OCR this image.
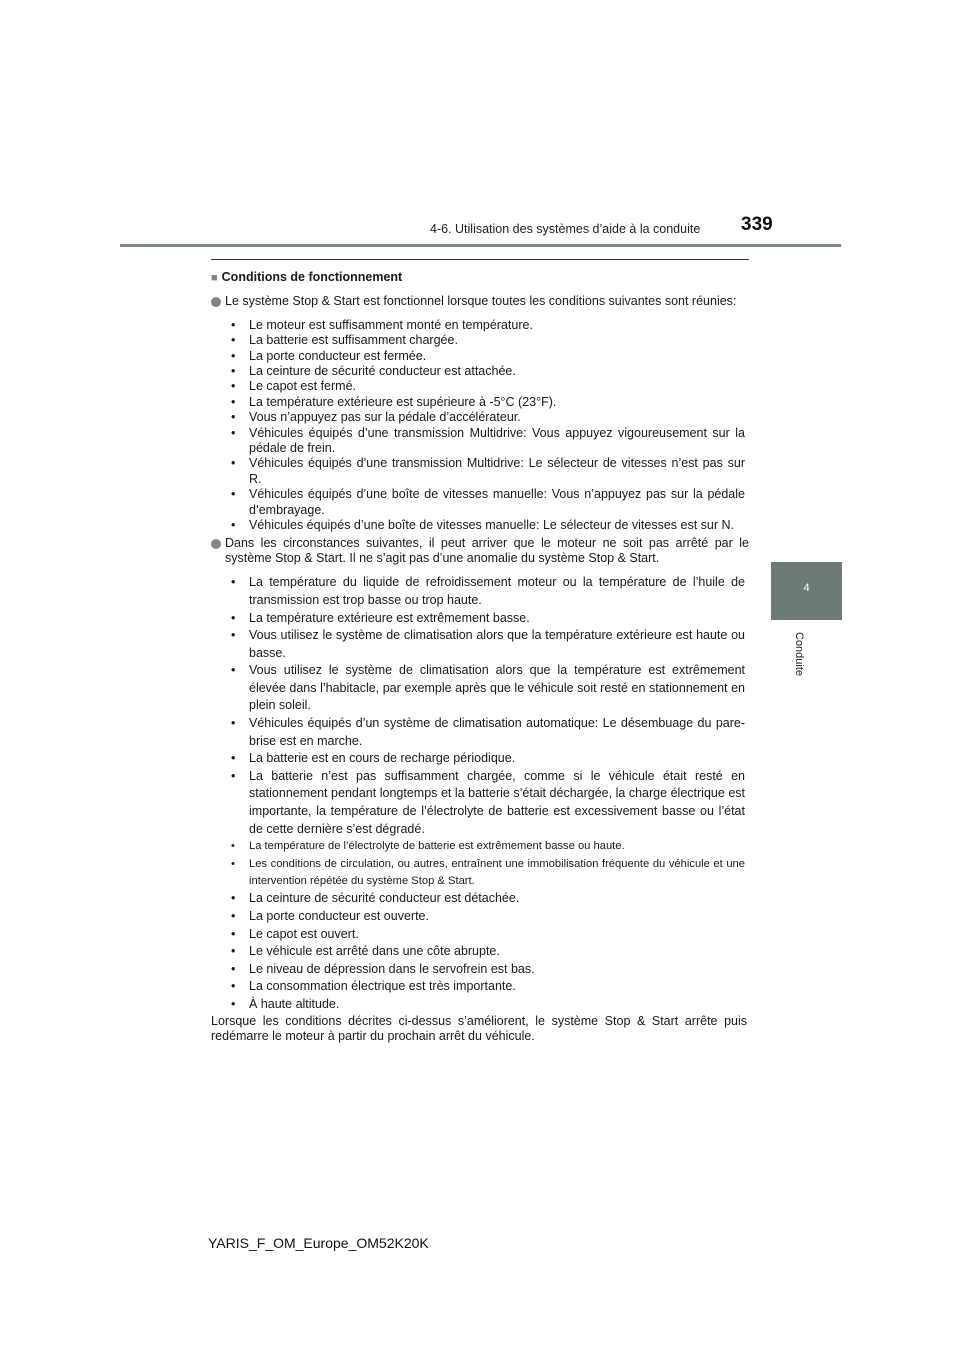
4-6. Utilisation des systèmes d’aide à la conduite 339
4
Conduite
■ Conditions de fonctionnement
Le système Stop & Start est fonctionnel lorsque toutes les conditions suivantes sont réunies:
• Le moteur est suffisamment monté en température.
• La batterie est suffisamment chargée.
• La porte conducteur est fermée.
• La ceinture de sécurité conducteur est attachée.
• Le capot est fermé.
• La température extérieure est supérieure à -5°C (23°F).
• Vous n’appuyez pas sur la pédale d’accélérateur.
• Véhicules équipés d’une transmission Multidrive: Vous appuyez vigoureusement sur la pédale de frein.
• Véhicules équipés d’une transmission Multidrive: Le sélecteur de vitesses n’est pas sur R.
• Véhicules équipés d’une boîte de vitesses manuelle: Vous n’appuyez pas sur la pédale d’embrayage.
• Véhicules équipés d’une boîte de vitesses manuelle: Le sélecteur de vitesses est sur N.
Dans les circonstances suivantes, il peut arriver que le moteur ne soit pas arrêté par le système Stop & Start. Il ne s’agit pas d’une anomalie du système Stop & Start.
• La température du liquide de refroidissement moteur ou la température de l’huile de transmission est trop basse ou trop haute.
• La température extérieure est extrêmement basse.
• Vous utilisez le système de climatisation alors que la température extérieure est haute ou basse.
• Vous utilisez le système de climatisation alors que la température est extrêmement élevée dans l’habitacle, par exemple après que le véhicule soit resté en stationnement en plein soleil.
• Véhicules équipés d’un système de climatisation automatique: Le désembuage du pare-brise est en marche.
• La batterie est en cours de recharge périodique.
• La batterie n’est pas suffisamment chargée, comme si le véhicule était resté en stationnement pendant longtemps et la batterie s’était déchargée, la charge électrique est importante, la température de l’électrolyte de batterie est excessivement basse ou l’état de cette dernière s’est dégradé.
• La température de l’électrolyte de batterie est extrêmement basse ou haute.
• Les conditions de circulation, ou autres, entraînent une immobilisation fréquente du véhicule et une intervention répétée du système Stop & Start.
• La ceinture de sécurité conducteur est détachée.
• La porte conducteur est ouverte.
• Le capot est ouvert.
• Le véhicule est arrêté dans une côte abrupte.
• Le niveau de dépression dans le servofrein est bas.
• La consommation électrique est très importante.
• À haute altitude.
Lorsque les conditions décrites ci-dessus s’améliorent, le système Stop & Start arrête puis redémarre le moteur à partir du prochain arrêt du véhicule.
YARIS_F_OM_Europe_OM52K20K
